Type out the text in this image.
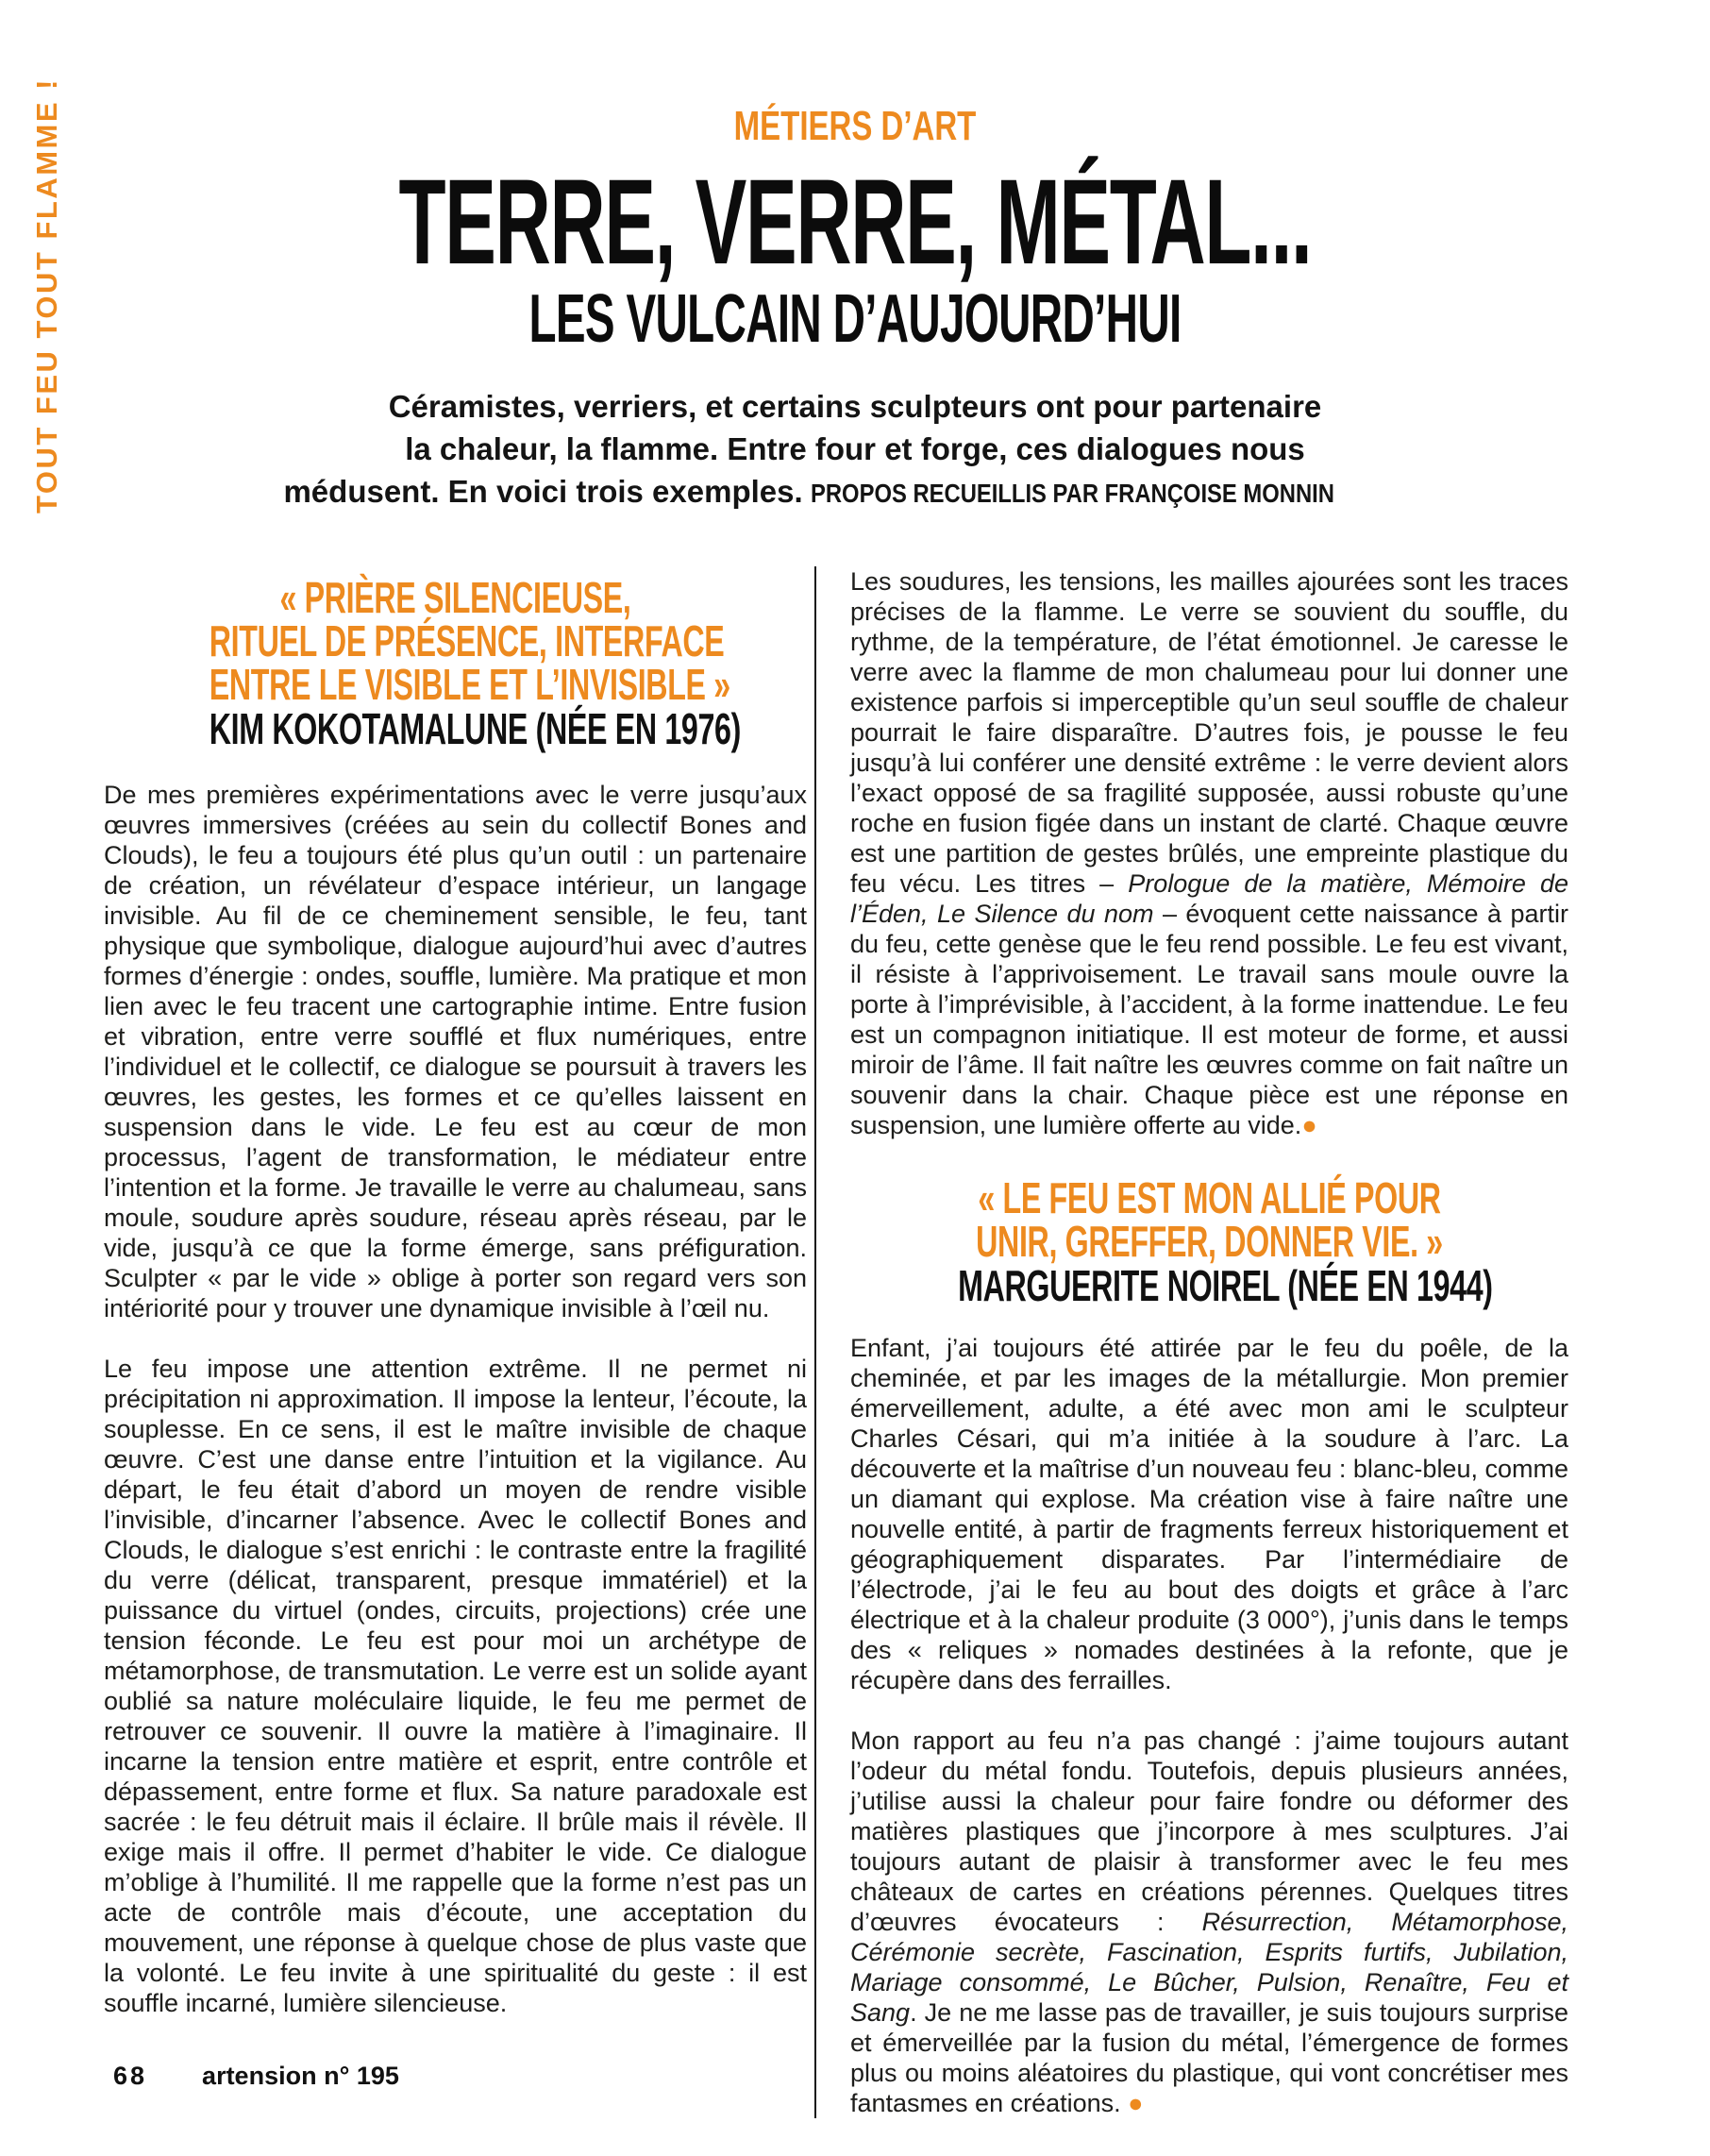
TOUT FEU TOUT FLAMME !	MÉTIERS D’ART
TERRE, VERRE, MÉTAL...
LES VULCAIN D’AUJOURD’HUI
Céramistes, verriers, et certains sculpteurs ont pour partenaire
la chaleur, la flamme. Entre four et forge, ces dialogues nous
médusent. En voici trois exemples. PROPOS RECUEILLIS PAR FRANÇOISE MONNIN
« PRIÈRE SILENCIEUSE,
RITUEL DE PRÉSENCE, INTERFACE
ENTRE LE VISIBLE ET L’INVISIBLE »
KIM KOKOTAMALUNE (NÉE EN 1976)

De mes premières expérimentations avec le verre jusqu’aux œuvres immersives (créées au sein du collectif Bones and Clouds), le feu a toujours été plus qu’un outil : un partenaire de création, un révélateur d’espace intérieur, un langage invisible. Au fil de ce cheminement sensible, le feu, tant physique que symbolique, dialogue aujourd’hui avec d’autres formes d’énergie : ondes, souffle, lumière. Ma pratique et mon lien avec le feu tracent une cartographie intime. Entre fusion et vibration, entre verre soufflé et flux numériques, entre l’individuel et le collectif, ce dialogue se poursuit à travers les œuvres, les gestes, les formes et ce qu’elles laissent en suspension dans le vide. Le feu est au cœur de mon processus, l’agent de transformation, le médiateur entre l’intention et la forme. Je travaille le verre au chalumeau, sans moule, soudure après soudure, réseau après réseau, par le vide, jusqu’à ce que la forme émerge, sans préfiguration. Sculpter « par le vide » oblige à porter son regard vers son intériorité pour y trouver une dynamique invisible à l’œil nu.

Le feu impose une attention extrême. Il ne permet ni précipitation ni approximation. Il impose la lenteur, l’écoute, la souplesse. En ce sens, il est le maître invisible de chaque œuvre. C’est une danse entre l’intuition et la vigilance. Au départ, le feu était d’abord un moyen de rendre visible l’invisible, d’incarner l’absence. Avec le collectif Bones and Clouds, le dialogue s’est enrichi : le contraste entre la fragilité du verre (délicat, transparent, presque immatériel) et la puissance du virtuel (ondes, circuits, projections) crée une tension féconde. Le feu est pour moi un archétype de métamorphose, de transmutation. Le verre est un solide ayant oublié sa nature moléculaire liquide, le feu me permet de retrouver ce souvenir. Il ouvre la matière à l’imaginaire. Il incarne la tension entre matière et esprit, entre contrôle et dépassement, entre forme et flux. Sa nature paradoxale est sacrée : le feu détruit mais il éclaire. Il brûle mais il révèle. Il exige mais il offre. Il permet d’habiter le vide. Ce dialogue m’oblige à l’humilité. Il me rappelle que la forme n’est pas un acte de contrôle mais d’écoute, une acceptation du mouvement, une réponse à quelque chose de plus vaste que la volonté. Le feu invite à une spiritualité du geste : il est souffle incarné, lumière silencieuse.

Les soudures, les tensions, les mailles ajourées sont les traces précises de la flamme. Le verre se souvient du souffle, du rythme, de la température, de l’état émotionnel. Je caresse le verre avec la flamme de mon chalumeau pour lui donner une existence parfois si imperceptible qu’un seul souffle de chaleur pourrait le faire disparaître. D’autres fois, je pousse le feu jusqu’à lui conférer une densité extrême : le verre devient alors l’exact opposé de sa fragilité supposée, aussi robuste qu’une roche en fusion figée dans un instant de clarté. Chaque œuvre est une partition de gestes brûlés, une empreinte plastique du feu vécu. Les titres – Prologue de la matière, Mémoire de l’Éden, Le Silence du nom – évoquent cette naissance à partir du feu, cette genèse que le feu rend possible. Le feu est vivant, il résiste à l’apprivoisement. Le travail sans moule ouvre la porte à l’imprévisible, à l’accident, à la forme inattendue. Le feu est un compagnon initiatique. Il est moteur de forme, et aussi miroir de l’âme. Il fait naître les œuvres comme on fait naître un souvenir dans la chair. Chaque pièce est une réponse en suspension, une lumière offerte au vide.●

« LE FEU EST MON ALLIÉ POUR
UNIR, GREFFER, DONNER VIE. »
MARGUERITE NOIREL (NÉE EN 1944)

Enfant, j’ai toujours été attirée par le feu du poêle, de la cheminée, et par les images de la métallurgie. Mon premier émerveillement, adulte, a été avec mon ami le sculpteur Charles Césari, qui m’a initiée à la soudure à l’arc. La découverte et la maîtrise d’un nouveau feu : blanc-bleu, comme un diamant qui explose. Ma création vise à faire naître une nouvelle entité, à partir de fragments ferreux historiquement et géographiquement disparates. Par l’intermédiaire de l’électrode, j’ai le feu au bout des doigts et grâce à l’arc électrique et à la chaleur produite (3 000°), j’unis dans le temps des « reliques » nomades destinées à la refonte, que je récupère dans des ferrailles.

Mon rapport au feu n’a pas changé : j’aime toujours autant l’odeur du métal fondu. Toutefois, depuis plusieurs années, j’utilise aussi la chaleur pour faire fondre ou déformer des matières plastiques que j’incorpore à mes sculptures. J’ai toujours autant de plaisir à transformer avec le feu mes châteaux de cartes en créations pérennes. Quelques titres d’œuvres évocateurs : Résurrection, Métamorphose, Cérémonie secrète, Fascination, Esprits furtifs, Jubilation, Mariage consommé, Le Bûcher, Pulsion, Renaître, Feu et Sang. Je ne me lasse pas de travailler, je suis toujours surprise et émerveillée par la fusion du métal, l’émergence de formes plus ou moins aléatoires du plastique, qui vont concrétiser mes fantasmes en créations. ●

68 artension n° 195
